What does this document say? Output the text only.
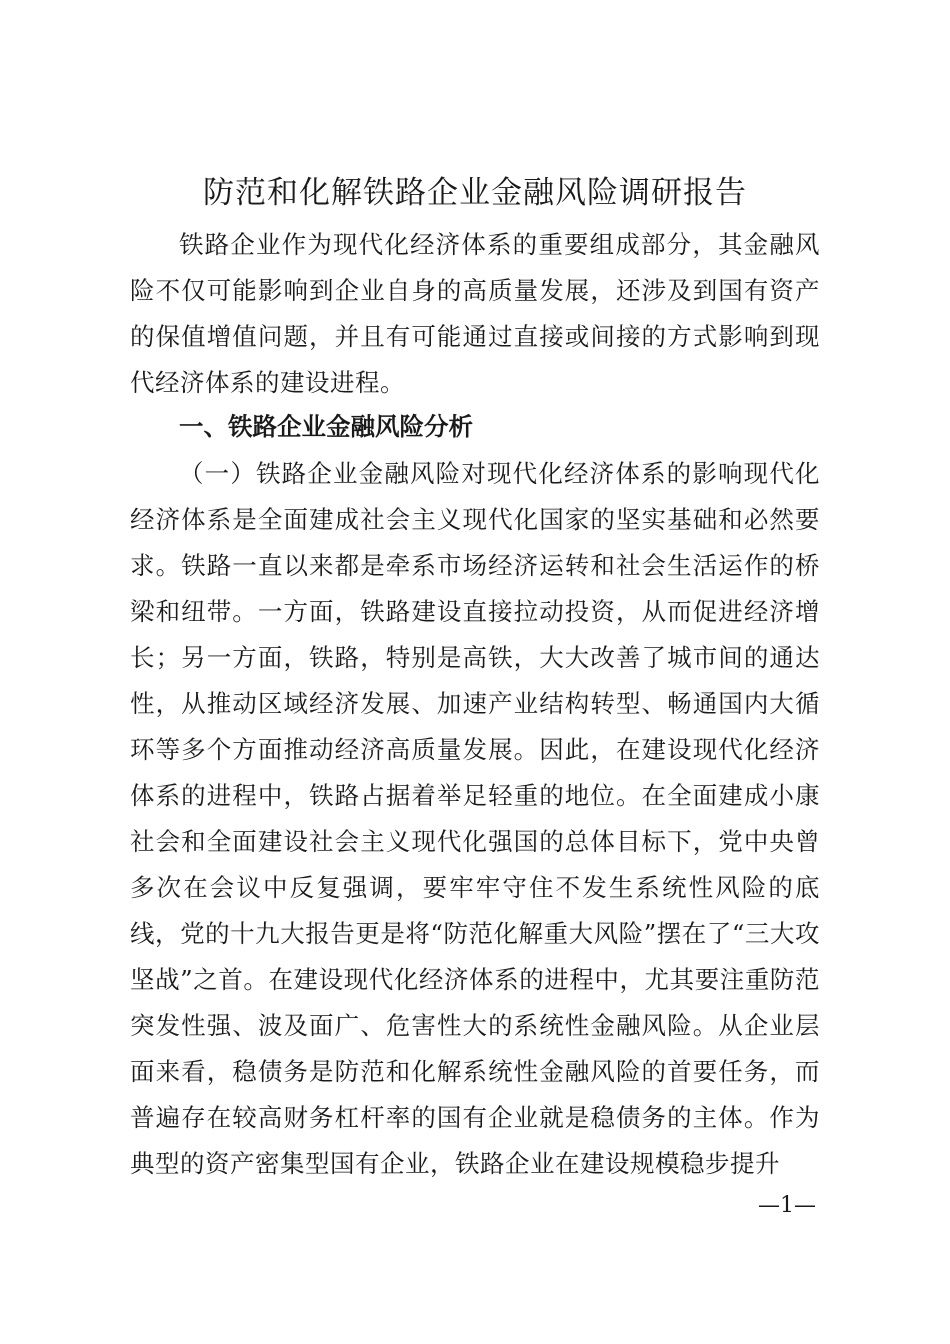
防范和化解铁路企业金融风险调研报告

铁路企业作为现代化经济体系的重要组成部分，其金融风险不仅可能影响到企业自身的高质量发展，还涉及到国有资产的保值增值问题，并且有可能通过直接或间接的方式影响到现代经济体系的建设进程。

一、铁路企业金融风险分析

（一）铁路企业金融风险对现代化经济体系的影响现代化经济体系是全面建成社会主义现代化国家的坚实基础和必然要求。铁路一直以来都是牵系市场经济运转和社会生活运作的桥梁和纽带。一方面，铁路建设直接拉动投资，从而促进经济增长；另一方面，铁路，特别是高铁，大大改善了城市间的通达性，从推动区域经济发展、加速产业结构转型、畅通国内大循环等多个方面推动经济高质量发展。因此，在建设现代化经济体系的进程中，铁路占据着举足轻重的地位。在全面建成小康社会和全面建设社会主义现代化强国的总体目标下，党中央曾多次在会议中反复强调，要牢牢守住不发生系统性风险的底线，党的十九大报告更是将“防范化解重大风险”摆在了“三大攻坚战”之首。在建设现代化经济体系的进程中，尤其要注重防范突发性强、波及面广、危害性大的系统性金融风险。从企业层面来看，稳债务是防范和化解系统性金融风险的首要任务，而普遍存在较高财务杠杆率的国有企业就是稳债务的主体。作为典型的资产密集型国有企业，铁路企业在建设规模稳步提升

—1—
